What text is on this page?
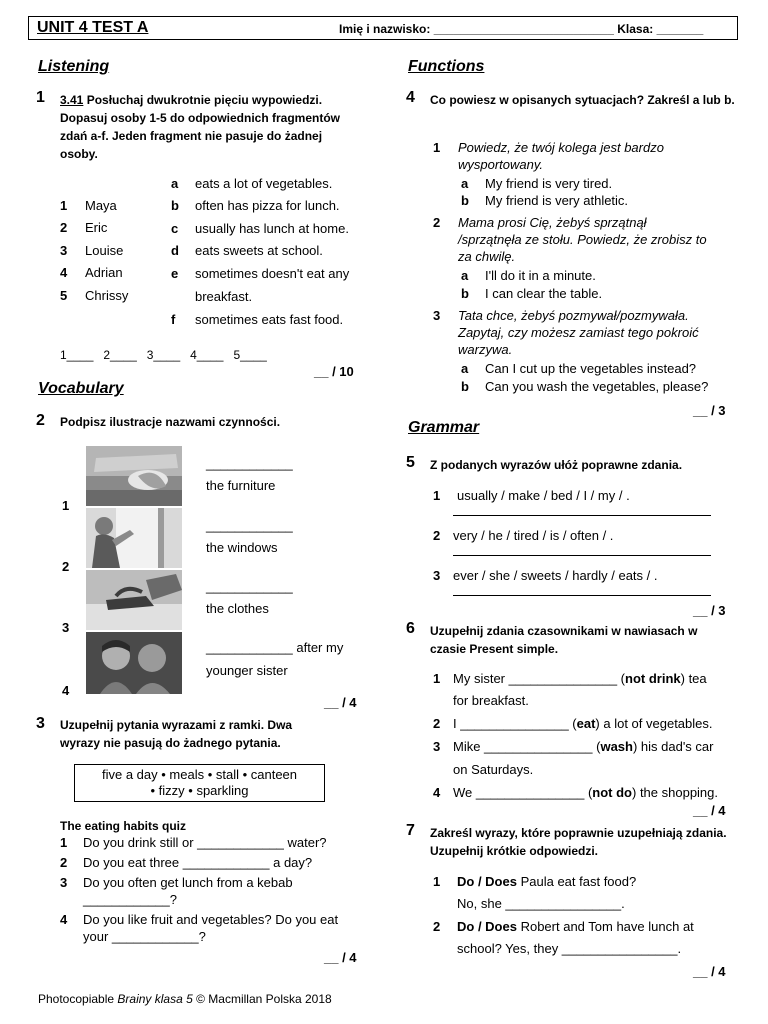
UNIT 4 TEST A	Imię i nazwisko: ___________________________ Klasa: _______
Listening
1 3.41 Posłuchaj dwukrotnie pięciu wypowiedzi. Dopasuj osoby 1-5 do odpowiednich fragmentów zdań a-f. Jeden fragment nie pasuje do żadnej osoby.
1 Maya
2 Eric
3 Louise
4 Adrian
5 Chrissy
a eats a lot of vegetables.
b often has pizza for lunch.
c usually has lunch at home.
d eats sweets at school.
e sometimes doesn't eat any
breakfast.
f sometimes eats fast food.
1____   2____   3____   4____   5____
__ / 10
Vocabulary
2 Podpisz ilustracje nazwami czynności.
1
2
3
4
____________
the furniture
____________
the windows
____________
the clothes
____________ after my
younger sister
__ / 4
3 Uzupełnij pytania wyrazami z ramki. Dwa wyrazy nie pasują do żadnego pytania.
five a day • meals • stall • canteen
• fizzy • sparkling
The eating habits quiz
1 Do you drink still or ____________ water?
2 Do you eat three ____________ a day?
3 Do you often get lunch from a kebab
____________?
4 Do you like fruit and vegetables? Do you eat
your ____________?
__ / 4
Functions
4 Co powiesz w opisanych sytuacjach? Zakreśl a lub b.
1 Powiedz, że twój kolega jest bardzo
wysportowany.
a My friend is very tired.
b My friend is very athletic.
2 Mama prosi Cię, żebyś sprzątnął
/sprzątnęła ze stołu. Powiedz, że zrobisz to
za chwilę.
a I'll do it in a minute.
b I can clear the table.
3 Tata chce, żebyś pozmywał/pozmywała.
Zapytaj, czy możesz zamiast tego pokroić
warzywa.
a Can I cut up the vegetables instead?
b Can you wash the vegetables, please?
__ / 3
Grammar
5 Z podanych wyrazów ułóż poprawne zdania.
1 usually / make / bed / I / my / .
2 very / he / tired / is / often / .
3 ever / she / sweets / hardly / eats / .
__ / 3
6 Uzupełnij zdania czasownikami w nawiasach w czasie Present simple.
1 My sister _______________ (not drink) tea
for breakfast.
2 I _______________ (eat) a lot of vegetables.
3 Mike _______________ (wash) his dad's car
on Saturdays.
4 We _______________ (not do) the shopping.
__ / 4
7 Zakreśl wyrazy, które poprawnie uzupełniają zdania. Uzupełnij krótkie odpowiedzi.
1 Do / Does Paula eat fast food?
No, she ________________.
2 Do / Does Robert and Tom have lunch at
school? Yes, they ________________.
__ / 4
Photocopiable Brainy klasa 5 © Macmillan Polska 2018
